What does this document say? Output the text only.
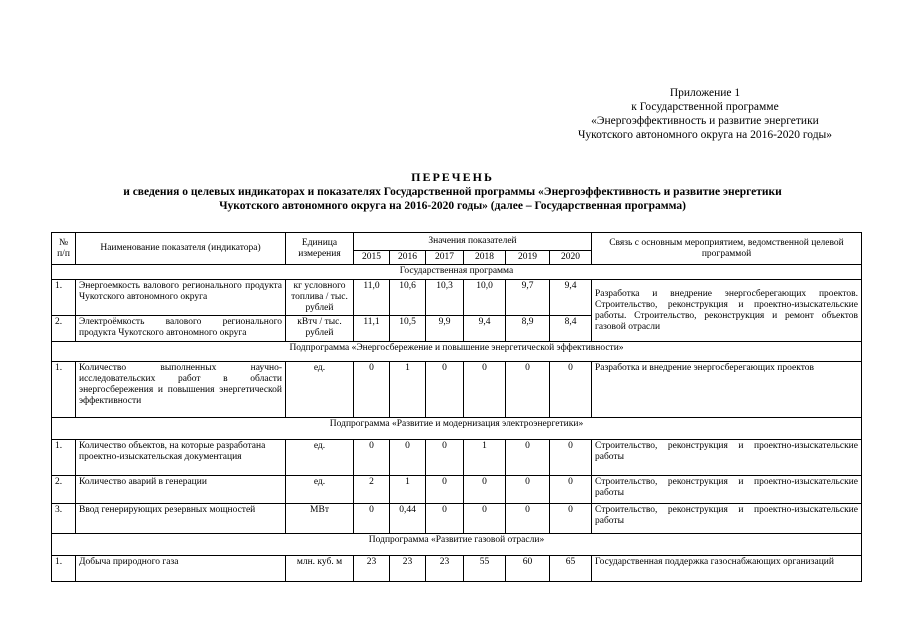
Приложение 1
к Государственной программе
«Энергоэффективность и развитие энергетики
Чукотского автономного округа на 2016-2020 годы»
ПЕРЕЧЕНЬ
и сведения о целевых индикаторах и показателях Государственной программы «Энергоэффективность и развитие энергетики
Чукотского автономного округа на 2016-2020 годы» (далее – Государственная программа)
№ п/п	Наименование показателя (индикатора)	Единица измерения	Значения показателей						Связь с основным мероприятием, ведомственной целевой программой
			2015	2016	2017	2018	2019	2020	
Государственная программа									
1.	Энергоемкость валового регионального продукта Чукотского автономного округа	кг условного топлива / тыс. рублей	11,0	10,6	10,3	10,0	9,7	9,4	Разработка и внедрение энергосберегающих проектов. Строительство, реконструкция и проектно-изыскательские работы. Строительство, реконструкция и ремонт объектов газовой отрасли
2.	Электроёмкость валового регионального продукта Чукотского автономного округа	кВтч / тыс. рублей	11,1	10,5	9,9	9,4	8,9	8,4	
Подпрограмма «Энергосбережение и повышение энергетической эффективности»									
1.	Количество выполненных научно-исследовательских работ в области энергосбережения и повышения энергетической эффективности	ед.	0	1	0	0	0	0	Разработка и внедрение энергосберегающих проектов
Подпрограмма «Развитие и модернизация электроэнергетики»									
1.	Количество объектов, на которые разработана проектно-изыскательская документация	ед.	0	0	0	1	0	0	Строительство, реконструкция и проектно-изыскательские работы
2.	Количество аварий в генерации	ед.	2	1	0	0	0	0	Строительство, реконструкция и проектно-изыскательские работы
3.	Ввод генерирующих резервных мощностей	МВт	0	0,44	0	0	0	0	Строительство, реконструкция и проектно-изыскательские работы
Подпрограмма «Развитие газовой отрасли»									
1.	Добыча природного газа	млн. куб. м	23	23	23	55	60	65	Государственная поддержка газоснабжающих организаций
